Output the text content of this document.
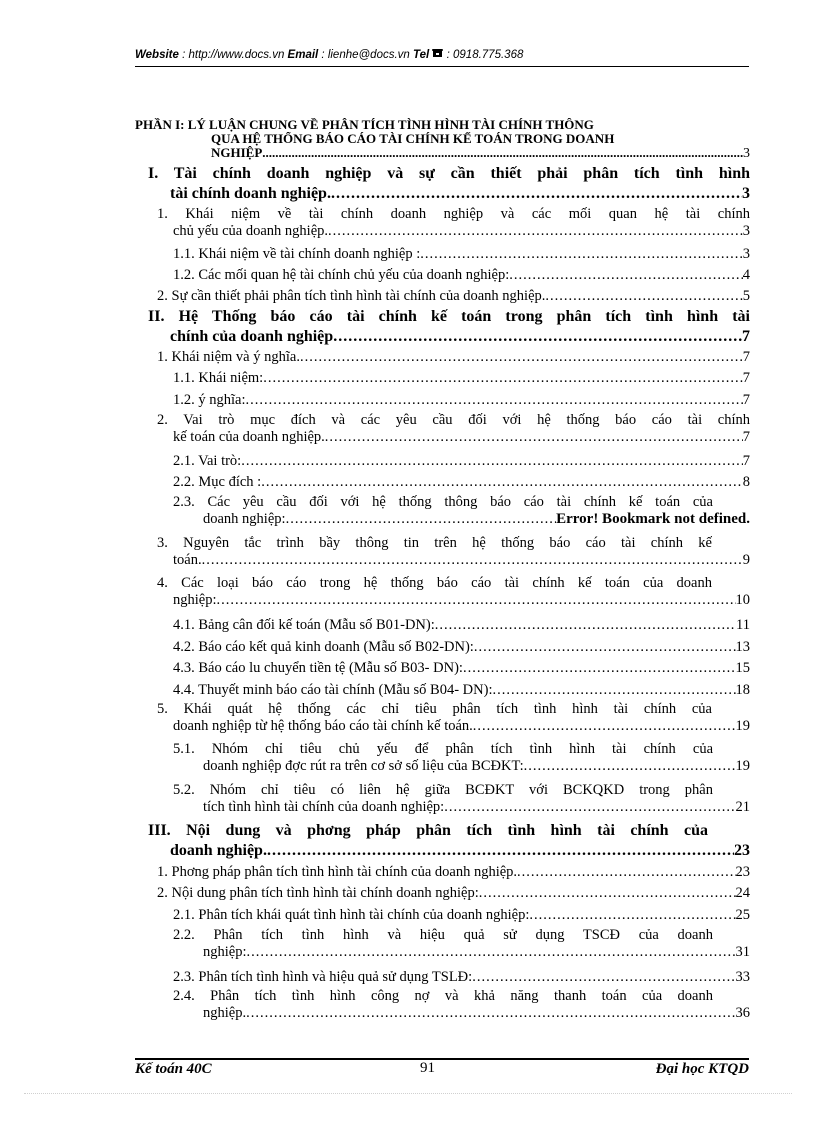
Website : http://www.docs.vn Email : lienhe@docs.vn Tel  : 0918.775.368
PHẦN I: LÝ LUẬN CHUNG VỀ PHÂN TÍCH TÌNH HÌNH TÀI CHÍNH THÔNG
QUA HỆ THỐNG BÁO CÁO TÀI CHÍNH KẾ TOÁN TRONG DOANH
NGHIỆP .....	3
I. Tài chính doanh nghiệp và sự cần thiết phải phân tích tình hình
tài chính doanh nghiệp. .....	3
1. Khái niệm về tài chính doanh nghiệp và các mối quan hệ tài chính
chủ yếu của doanh nghiệp. .....	3
1.1. Khái niệm về tài chính doanh nghiệp : .....	3
1.2. Các mối quan hệ tài chính chủ yếu của doanh nghiệp: .....	4
2. Sự cần thiết phải phân tích tình hình tài chính của doanh nghiệp. .....	5
II. Hệ Thống báo cáo tài chính kế toán trong phân tích tình hình tài
chính của doanh nghiệp .....	7
1. Khái niệm và ý nghĩa. .....	7
1.1. Khái niệm: .....	7
1.2. ý nghĩa: .....	7
2. Vai trò mục đích và các yêu cầu đối với hệ thống báo cáo tài chính
kế toán của doanh nghiệp. .....	7
2.1. Vai trò: .....	7
2.2. Mục đích : .....	8
2.3. Các yêu cầu đối với hệ thống thông báo cáo tài chính kế toán của
doanh nghiệp: .....	Error! Bookmark not defined.
3. Nguyên tắc trình bầy thông tin trên hệ thống báo cáo tài chính kế
toán. .....	9
4. Các loại báo cáo trong hệ thống báo cáo tài chính kế toán của doanh
nghiệp: .....	10
4.1. Bảng cân đối kế toán (Mẫu số B01-DN): .....	11
4.2. Báo cáo kết quả kinh doanh (Mẫu số B02-DN): .....	13
4.3. Báo cáo lu chuyển tiền tệ (Mẫu số B03- DN): .....	15
4.4. Thuyết minh báo cáo tài chính (Mẫu số B04- DN): .....	18
5. Khái quát hệ thống các chỉ tiêu phân tích tình hình tài chính của
doanh nghiệp từ hệ thống báo cáo tài chính kế toán. .....	19
5.1. Nhóm chỉ tiêu chủ yếu để phân tích tình hình tài chính của
doanh nghiệp đợc rút ra trên cơ sở số liệu của BCĐKT: .....	19
5.2. Nhóm chỉ tiêu có liên hệ giữa BCĐKT với BCKQKD trong phân
tích tình hình tài chính của doanh nghiệp: .....	21
III. Nội dung và phơng pháp phân tích tình hình tài chính của
doanh nghiệp. .....	23
1. Phơng pháp phân tích tình hình tài chính của doanh nghiệp. .....	23
2. Nội dung phân tích tình hình tài chính doanh nghiệp: .....	24
2.1. Phân tích khái quát tình hình tài chính của doanh nghiệp: .....	25
2.2. Phân tích tình hình và hiệu quả sử dụng TSCĐ của doanh
nghiệp: .....	31
2.3. Phân tích tình hình và hiệu quả sử dụng TSLĐ: .....	33
2.4. Phân tích tình hình công nợ và khả năng thanh toán của doanh
nghiệp. .....	36
Kế toán 40C	91	Đại học KTQD
